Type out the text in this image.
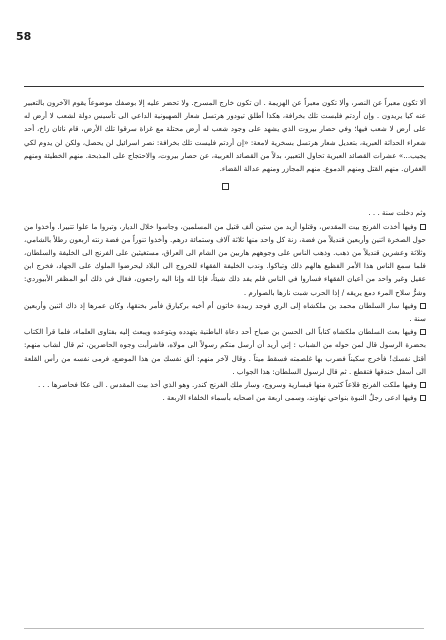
58

ألا تكون معبراً عن النصر، وألا تكون معبراً عن الهزيمة . ان تكون خارج المسرح. ولا تحضر عليه إلا بوصفك موضوعاً يقوم الآخرون بالتعبير عنه كيا يريدون . وإن أردتم فلبست تلك بخرافة، هكذا أطلق تيودور هرتسل شعار الصهيونية الداعي الى تأسيس دولة لشعب لا أرض له على أرض لا شعب فيها؛ وفي حصار بيروت الذي يشهد على وجود شعب له أرض محتلة مع غزاة سرقوا تلك الأرض، قام نائان زاخ، أحد شعراء الحداثة العبرية، بتعديل شعار هرتسل بسخرية لامعة: «إن أردتم فليست تلك بخرافة: نصر اسرائيل لن يحصل، ولكن لن يدوم لكي يجيب...» عشرات القصائد العبرية تحاول التعبير، بدلاً من القصائد العربية، عن حصار بيروت، والاحتجاج على المذبحة. منهم الخطيئة ومنهم الغفران. منهم القتل ومنهم الدموع. منهم المجازر ومنهم عدالة القضاء.

وثم دخلت سنة . . .

وفيها أخذت الفرنج بيت المقدس، وقتلوا أزيد من ستين ألف قتيل من المسلمين، وجاسوا خلال الديار، وتبروا ما علوا تتبيرا. وأخذوا من حول الصخرة اثنين وأربعين قنديلاً من فضة، زنة كل واحد منها ثلاثة آلاف وستمائة درهم. وأخذوا تنوراً من فضة زنته أربعون رطلاً بالشامي، وثلاثة وعشرين قنديلاً من ذهب. وذهب الناس على وجوههم هاربين من الشام الى العراق، مستغيثين على الفرنج الى الخليفة والسلطان، فلما سمع الناس هذا الأمر الفظيع هالهم ذلك وتباكوا. وندب الخليفة الفقهاء للخروج الى البلاد ليحرضوا الملوك على الجهاد، فخرج ابن عقيل وغير واحد من أعيان الفقهاء فساروا في الناس فلم يفد ذلك شيئاً، فإنا لله وإنا اليه راجعون، فقال في ذلك أبو المظفر الأبيوردي: وشرُّ سلاح المرء دمع يريقه / إذا الحرب شبت نارها بالصوارم .

وفيها سار السلطان محمد بن ملكشاه إلى الري فوجد زبيدة خاتون أم أخيه بركيارق فأمر بخنقها، وكان عمرها إذ ذاك اثنين وأربعين سنة .

وفيها بعث السلطان ملكشاه كتاباً الى الحسن بن صباح أحد دعاة الباطنية يتهدده ويتوعده ويبعث إليه بفتاوى العلماء، فلما قرأ الكتاب بحضرة الرسول قال لمن حوله من الشباب : إني أريد أن أرسل منكم رسولاً الى مولاه، فاشرأبت وجوه الحاضرين، ثم قال لشاب منهم: أقتل نفسك! فأخرج سكيناً فضرب بها غلصمته فسقط ميتاً . وقال لآخر منهم: ألق نفسك من هذا الموضع، فرمى نفسه من رأس القلعة الى أسفل خندقها فتقطع . ثم قال لرسول السلطان: هذا الجواب .

وفيها ملكت الفرنج قلاعاً كثيرة منها قيسارية وسروج، وسار ملك الفرنج كندر. وهو الذي أخذ بيت المقدس . الى عكا فحاصرها . . .

وفيها ادعى رجلٌ النبوة بنواحي نهاوند، وسمى اربعة من اصحابه بأسماء الخلفاء الاربعة .
